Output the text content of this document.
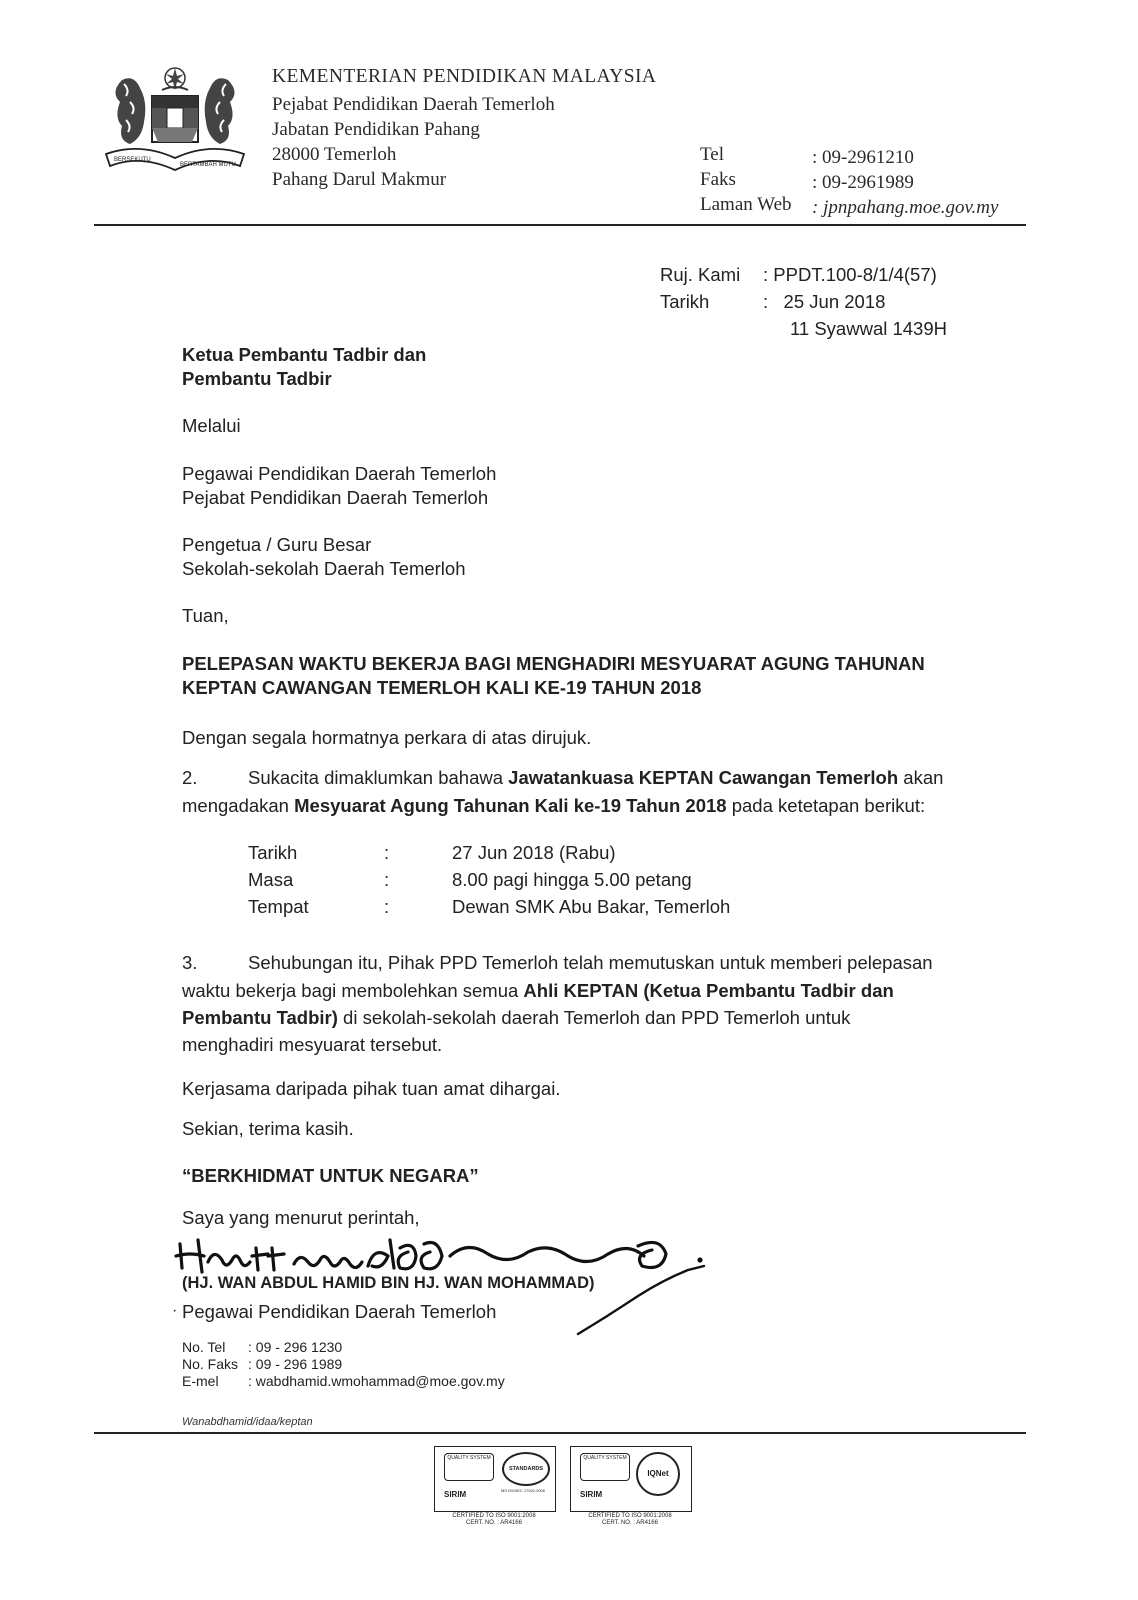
BERSEKUTU
BERTAMBAH MUTU
KEMENTERIAN PENDIDIKAN MALAYSIA
Pejabat Pendidikan Daerah Temerloh
Jabatan Pendidikan Pahang
28000 Temerloh
Pahang Darul Makmur
Tel	: 09-2961210
Faks	: 09-2961989
Laman Web : jpnpahang.moe.gov.my
Ruj. Kami : PPDT.100-8/1/4(57)
Tarikh	:   25 Jun 2018
11 Syawwal 1439H
Ketua Pembantu Tadbir dan
Pembantu Tadbir
Melalui
Pegawai Pendidikan Daerah Temerloh
Pejabat Pendidikan Daerah Temerloh
Pengetua / Guru Besar
Sekolah-sekolah Daerah Temerloh
Tuan,
PELEPASAN WAKTU BEKERJA BAGI MENGHADIRI MESYUARAT AGUNG TAHUNAN
KEPTAN CAWANGAN TEMERLOH KALI KE-19 TAHUN 2018
Dengan segala hormatnya perkara di atas dirujuk.
2.	Sukacita dimaklumkan bahawa Jawatankuasa KEPTAN Cawangan Temerloh akan
mengadakan Mesyuarat Agung Tahunan Kali ke-19 Tahun 2018 pada ketetapan berikut:
Tarikh	:	27 Jun 2018 (Rabu)
Masa	:	8.00 pagi hingga 5.00 petang
Tempat	:	Dewan SMK Abu Bakar, Temerloh
3.	Sehubungan itu, Pihak PPD Temerloh telah memutuskan untuk memberi pelepasan
waktu bekerja bagi membolehkan semua Ahli KEPTAN (Ketua Pembantu Tadbir dan
Pembantu Tadbir) di sekolah-sekolah daerah Temerloh dan PPD Temerloh untuk
menghadiri mesyuarat tersebut.
Kerjasama daripada pihak tuan amat dihargai.
Sekian, terima kasih.
“BERKHIDMAT UNTUK NEGARA”
Saya yang menurut perintah,
(HJ. WAN ABDUL HAMID BIN HJ. WAN MOHAMMAD)
Pegawai Pendidikan Daerah Temerloh
·
No. Tel : 09 - 296 1230
No. Faks : 09 - 296 1989
E-mel : wabdhamid.wmohammad@moe.gov.my
Wanabdhamid/idaa/keptan
QUALITY SYSTEM
SIRIM
STANDARDS
MS ISO/IEC 17021:2006
CERTIFIED TO ISO 9001:2008
CERT. NO. : AR4166
QUALITY SYSTEM
SIRIM
IQNet
CERTIFIED TO ISO 9001:2008
CERT. NO. : AR4166
